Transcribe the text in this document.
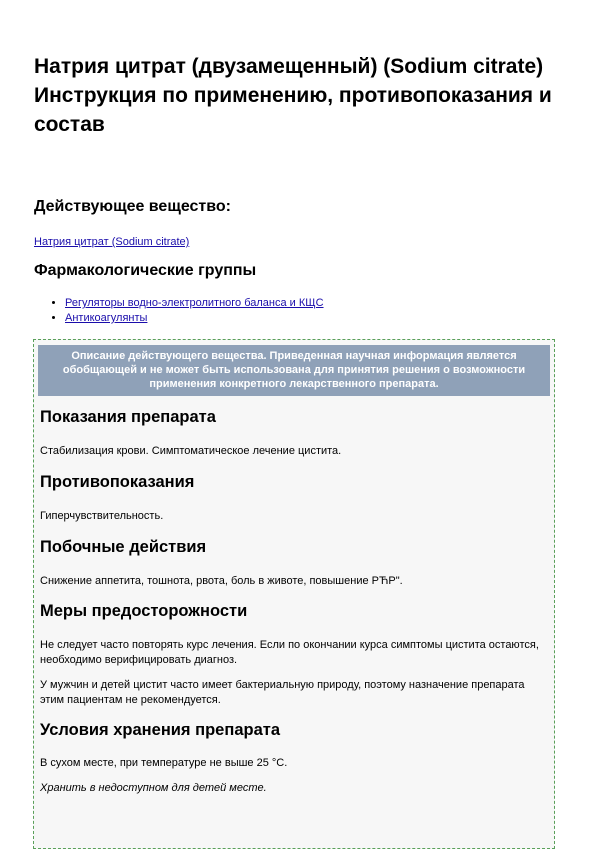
Натрия цитрат (двузамещенный) (Sodium citrate)
Инструкция по применению, противопоказания и состав
Действующее вещество:
Натрия цитрат (Sodium citrate)
Фармакологические группы
• Регуляторы водно-электролитного баланса и КЩС
• Антикоагулянты
Описание действующего вещества. Приведенная научная информация является обобщающей и не может быть использована для принятия решения о возможности применения конкретного лекарственного препарата.
Показания препарата

Стабилизация крови. Симптоматическое лечение цистита.

Противопоказания

Гиперчувствительность.

Побочные действия

Снижение аппетита, тошнота, рвота, боль в животе, повышение РЋР".

Меры предосторожности

Не следует часто повторять курс лечения. Если по окончании курса симптомы цистита остаются, необходимо верифицировать диагноз.

У мужчин и детей цистит часто имеет бактериальную природу, поэтому назначение препарата этим пациентам не рекомендуется.

Условия хранения препарата

В сухом месте, при температуре не выше 25 °C.

Хранить в недоступном для детей месте.
